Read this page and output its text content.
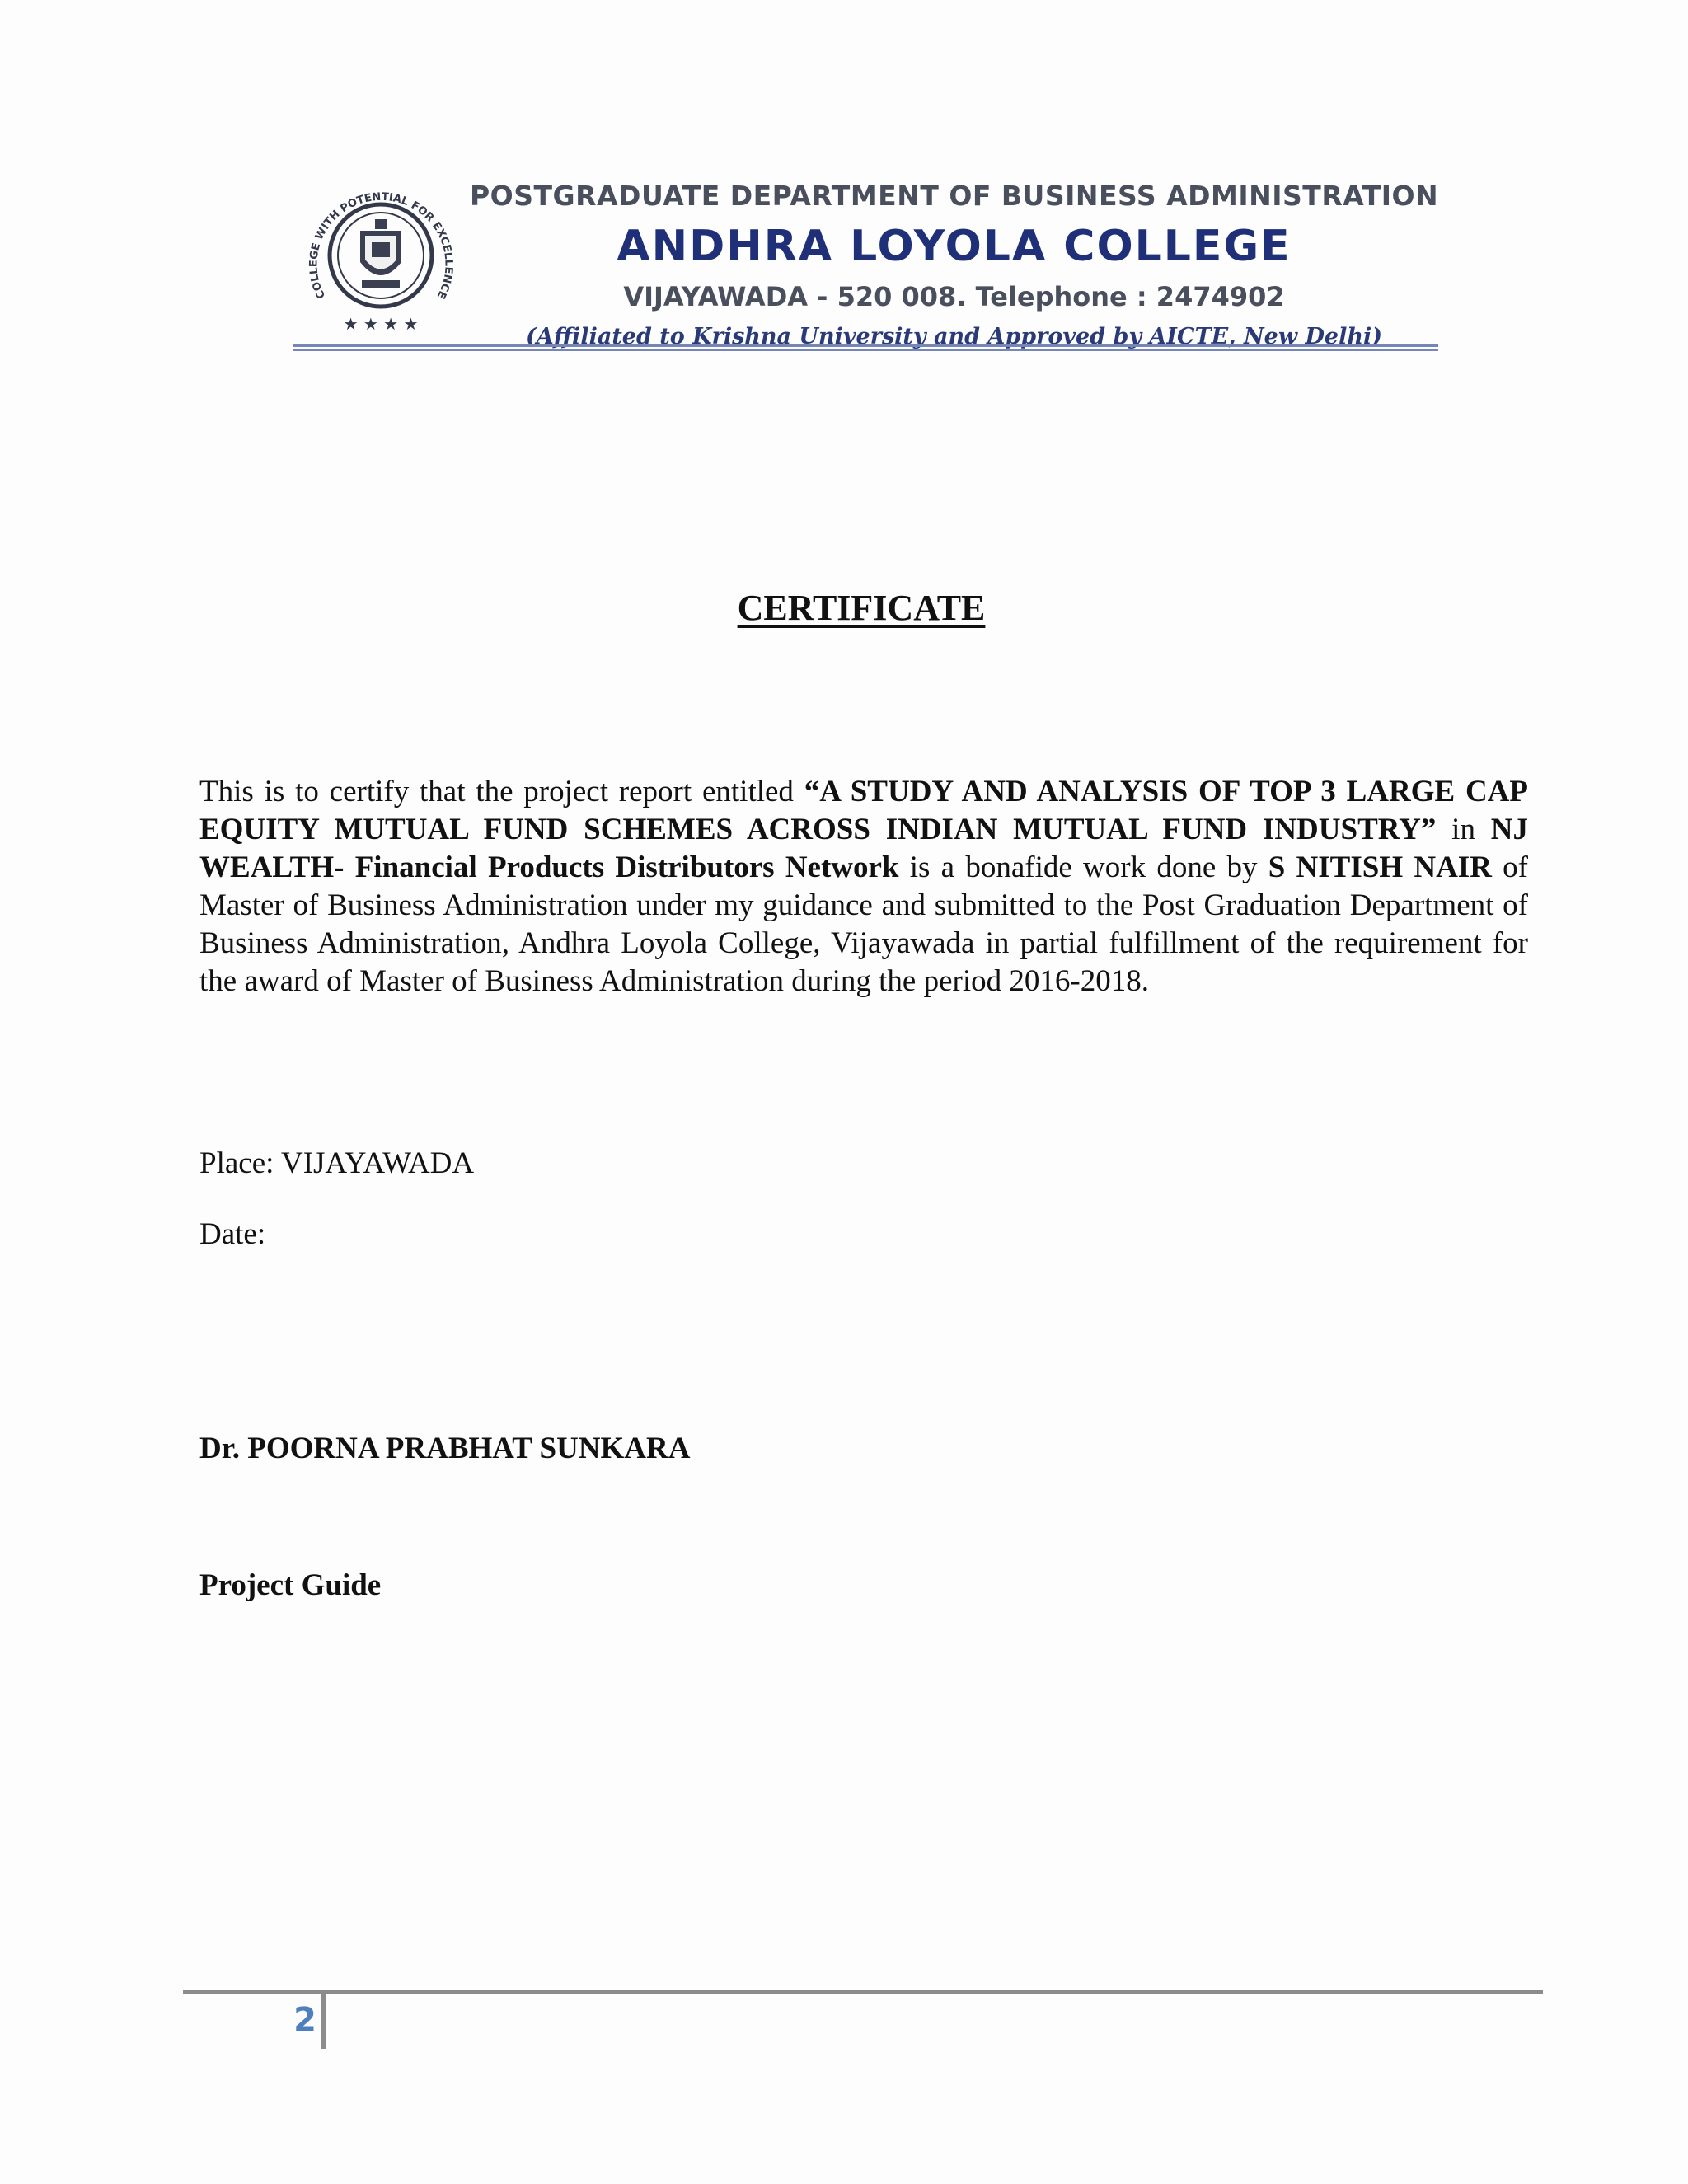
COLLEGE WITH POTENTIAL FOR EXCELLENCE
★ ★ ★ ★
POSTGRADUATE DEPARTMENT OF BUSINESS ADMINISTRATION
ANDHRA LOYOLA COLLEGE
VIJAYAWADA - 520 008. Telephone : 2474902
(Affiliated to Krishna University and Approved by AICTE, New Delhi)
CERTIFICATE
This is to certify that the project report entitled “A STUDY AND ANALYSIS OF TOP 3 LARGE CAP EQUITY MUTUAL FUND SCHEMES ACROSS INDIAN MUTUAL FUND INDUSTRY” in NJ WEALTH- Financial Products Distributors Network is a bonafide work done by S NITISH NAIR of Master of Business Administration under my guidance and submitted to the Post Graduation Department of Business Administration, Andhra Loyola College, Vijayawada in partial fulfillment of the requirement for the award of Master of Business Administration during the period 2016-2018.
Place: VIJAYAWADA
Date:
Dr. POORNA PRABHAT SUNKARA
Project Guide
2
